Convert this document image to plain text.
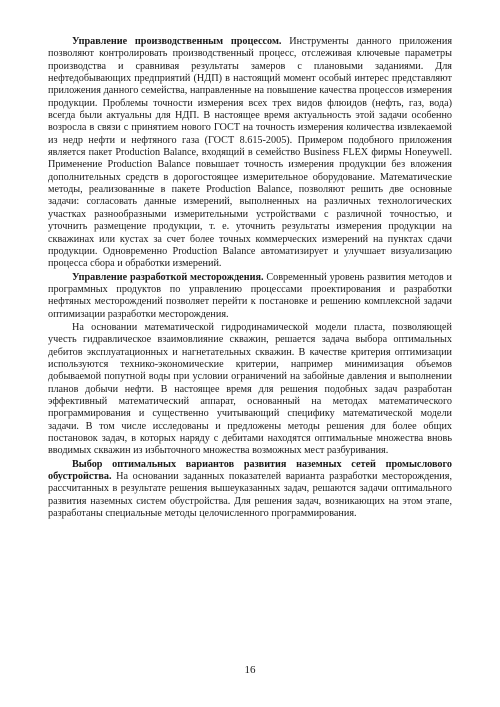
Управление производственным процессом. Инструменты данного приложения позволяют контролировать производственный процесс, отслеживая ключевые параметры производства и сравнивая результаты замеров с плановыми заданиями. Для нефтедобывающих предприятий (НДП) в настоящий момент особый интерес представляют приложения данного семейства, направленные на повышение качества процессов измерения продукции. Проблемы точности измерения всех трех видов флюидов (нефть, газ, вода) всегда были актуальны для НДП. В настоящее время актуальность этой задачи особенно возросла в связи с принятием нового ГОСТ на точность измерения количества извлекаемой из недр нефти и нефтяного газа (ГОСТ 8.615-2005). Примером подобного приложения является пакет Production Balance, входящий в семейство Business FLEX фирмы Honeywell. Применение Production Balance повышает точность измерения продукции без вложения дополнительных средств в дорогостоящее измерительное оборудование. Математические методы, реализованные в пакете Production Balance, позволяют решить две основные задачи: согласовать данные измерений, выполненных на различных технологических участках разнообразными измерительными устройствами с различной точностью, и уточнить размещение продукции, т. е. уточнить результаты измерения продукции на скважинах или кустах за счет более точных коммерческих измерений на пунктах сдачи продукции. Одновременно Production Balance автоматизирует и улучшает визуализацию процесса сбора и обработки измерений.

Управление разработкой месторождения. Современный уровень развития методов и программных продуктов по управлению процессами проектирования и разработки нефтяных месторождений позволяет перейти к постановке и решению комплексной задачи оптимизации разработки месторождения.

На основании математической гидродинамической модели пласта, позволяющей учесть гидравлическое взаимовлияние скважин, решается задача выбора оптимальных дебитов эксплуатационных и нагнетательных скважин. В качестве критерия оптимизации используются технико-экономические критерии, например минимизация объемов добываемой попутной воды при условии ограничений на забойные давления и выполнении планов добычи нефти. В настоящее время для решения подобных задач разработан эффективный математический аппарат, основанный на методах математического программирования и существенно учитывающий специфику математической модели задачи. В том числе исследованы и предложены методы решения для более общих постановок задач, в которых наряду с дебитами находятся оптимальные множества вновь вводимых скважин из избыточного множества возможных мест разбуривания.

Выбор оптимальных вариантов развития наземных сетей промыслового обустройства. На основании заданных показателей варианта разработки месторождения, рассчитанных в результате решения вышеуказанных задач, решаются задачи оптимального развития наземных систем обустройства. Для решения задач, возникающих на этом этапе, разработаны специальные методы целочисленного программирования.

16
